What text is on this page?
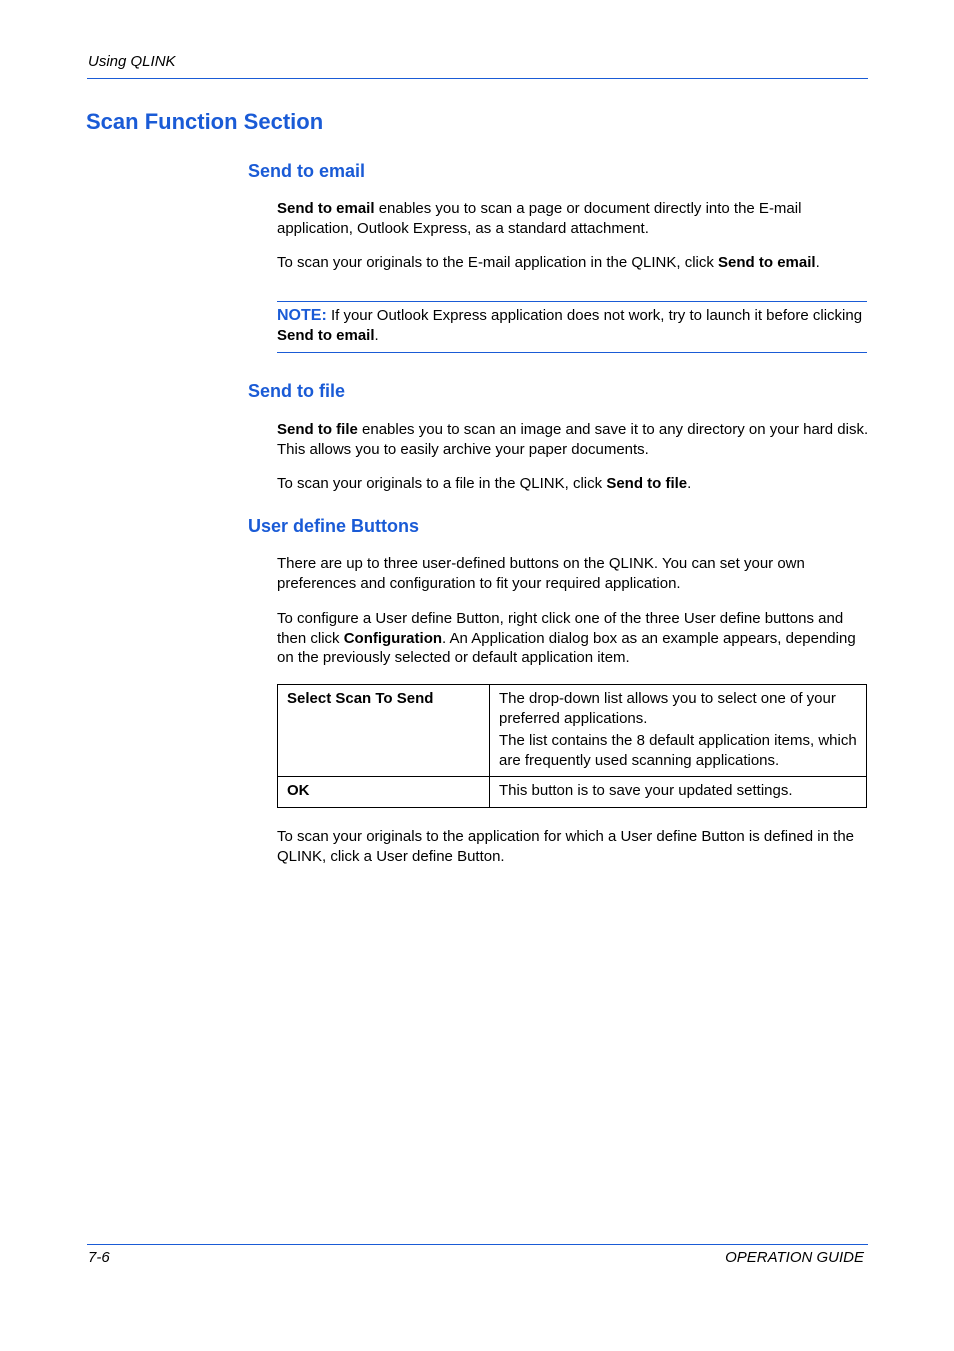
Using QLINK
Scan Function Section
Send to email
Send to email enables you to scan a page or document directly into the E-mail application, Outlook Express, as a standard attachment.
To scan your originals to the E-mail application in the QLINK, click Send to email.
NOTE: If your Outlook Express application does not work, try to launch it before clicking Send to email.
Send to file
Send to file enables you to scan an image and save it to any directory on your hard disk. This allows you to easily archive your paper documents.
To scan your originals to a file in the QLINK, click Send to file.
User define Buttons
There are up to three user-defined buttons on the QLINK. You can set your own preferences and configuration to fit your required application.
To configure a User define Button, right click one of the three User define buttons and then click Configuration. An Application dialog box as an example appears, depending on the previously selected or default application item.
Select Scan To Send	The drop-down list allows you to select one of your preferred applications.

The list contains the 8 default application items, which are frequently used scanning applications.

OK	This button is to save your updated settings.

To scan your originals to the application for which a User define Button is defined in the QLINK, click a User define Button.
7-6	OPERATION GUIDE
